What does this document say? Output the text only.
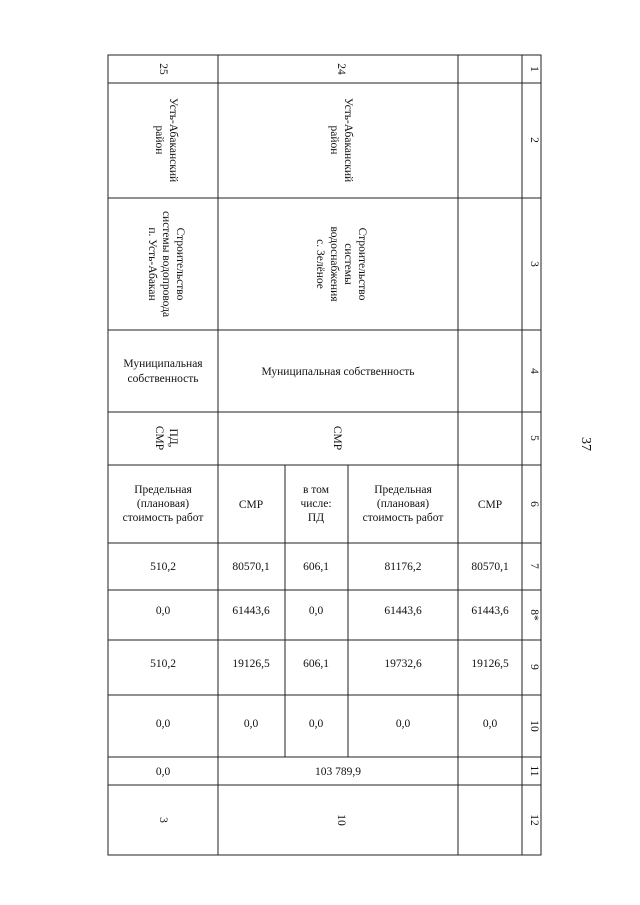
37
1
2
3
4
5
6
7
8*
9
10
11
12
24
Усть-Абаканский
район
Строительство
системы
водоснабжения
с. Зелёное
Муниципальная собственность
СМР
СМР
80570,1
61443,6
19126,5
0,0
Предельная
(плановая)
стоимость работ
81176,2
61443,6
19732,6
0,0
в том
числе:
ПД
606,1
0,0
606,1
0,0
СМР
80570,1
61443,6
19126,5
0,0
103 789,9
10
25
Усть-Абаканский
район
Строительство
системы водопровода
п. Усть-Абакан
Муниципальная
собственность
ПД,
СМР
Предельная
(плановая)
стоимость работ
510,2
0,0
510,2
0,0
0,0
3
